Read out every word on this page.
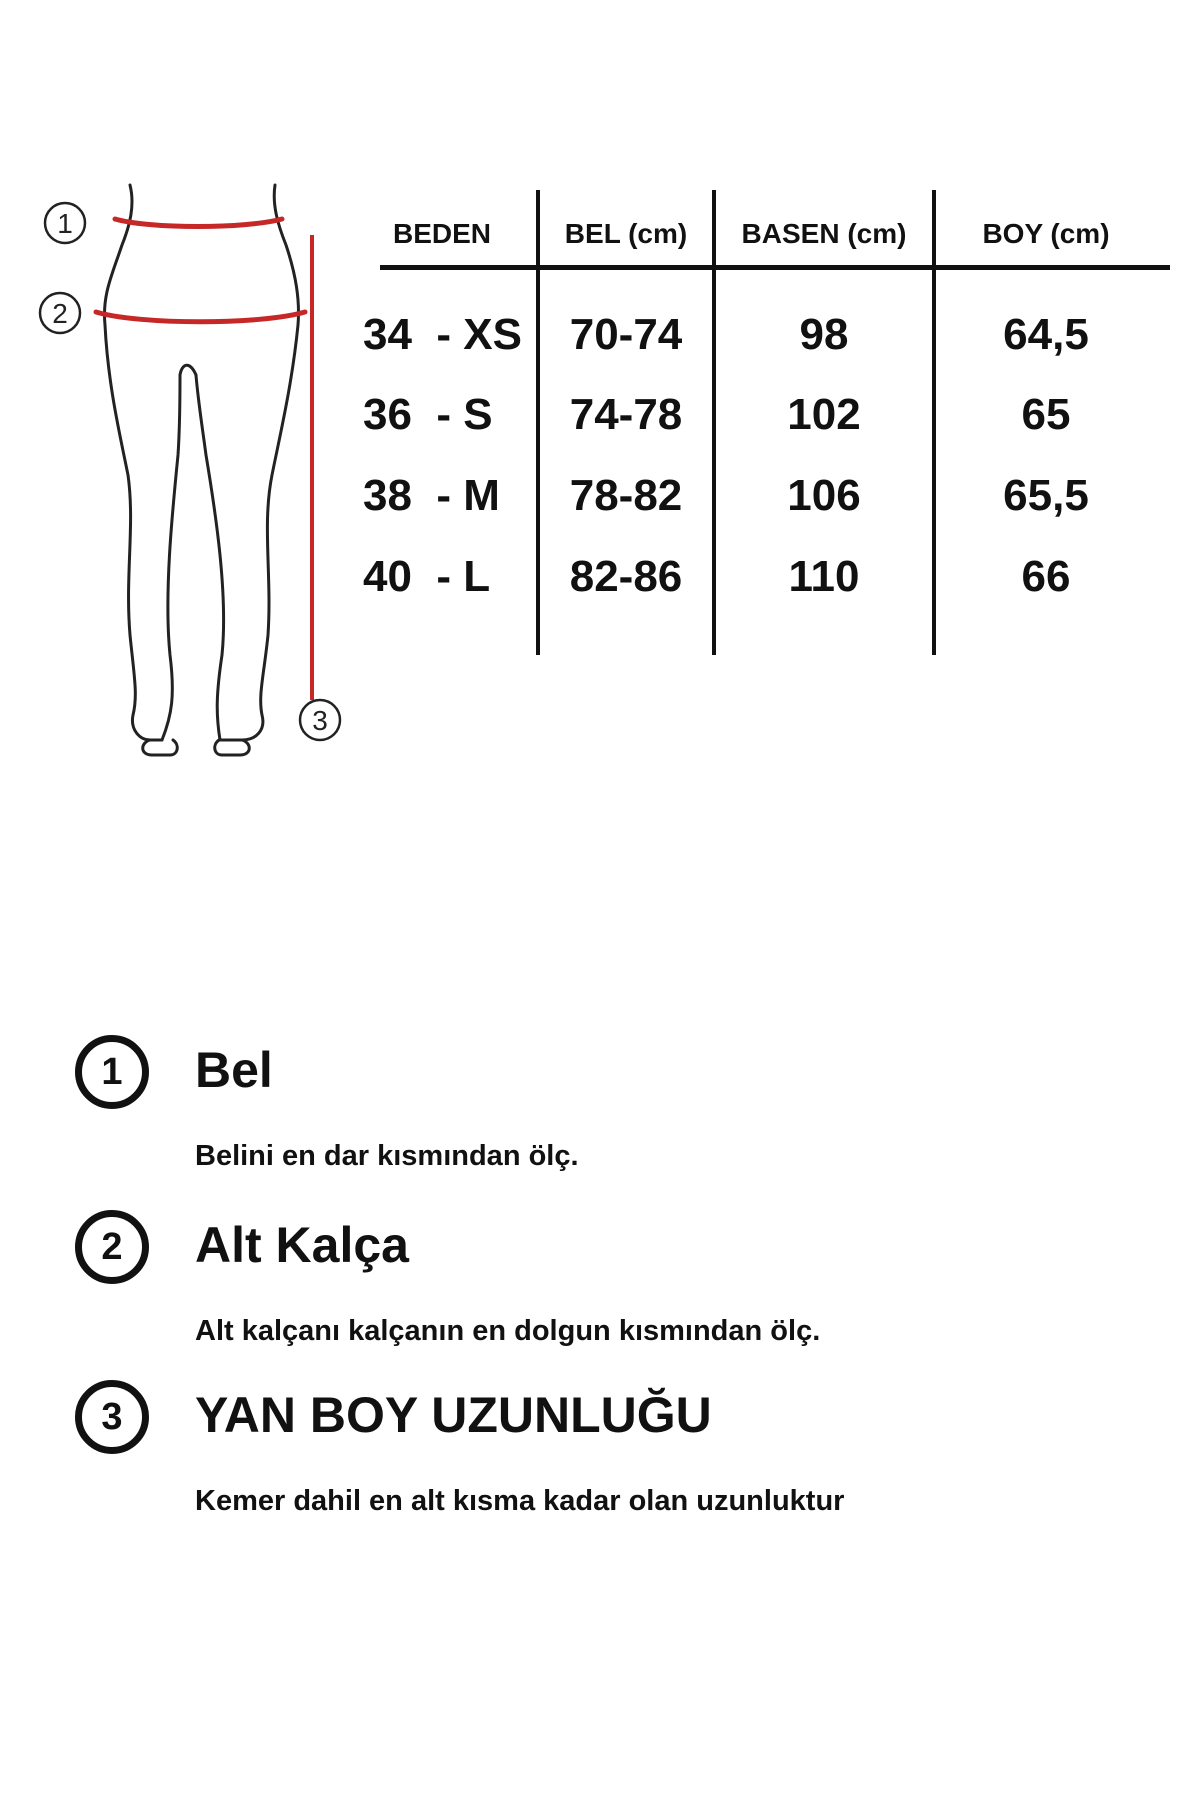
1
2
3
BEDEN	BEL (cm)	BASEN (cm)	BOY (cm)
34  - XS	70-74	98	64,5
36  - S	74-78	102	65
38  - M	78-82	106	65,5
40  - L	82-86	110	66
1	Bel
Belini en dar kısmından ölç.
2	Alt Kalça
Alt kalçanı kalçanın en dolgun kısmından ölç.
3	YAN BOY UZUNLUĞU
Kemer dahil en alt kısma kadar olan uzunluktur
